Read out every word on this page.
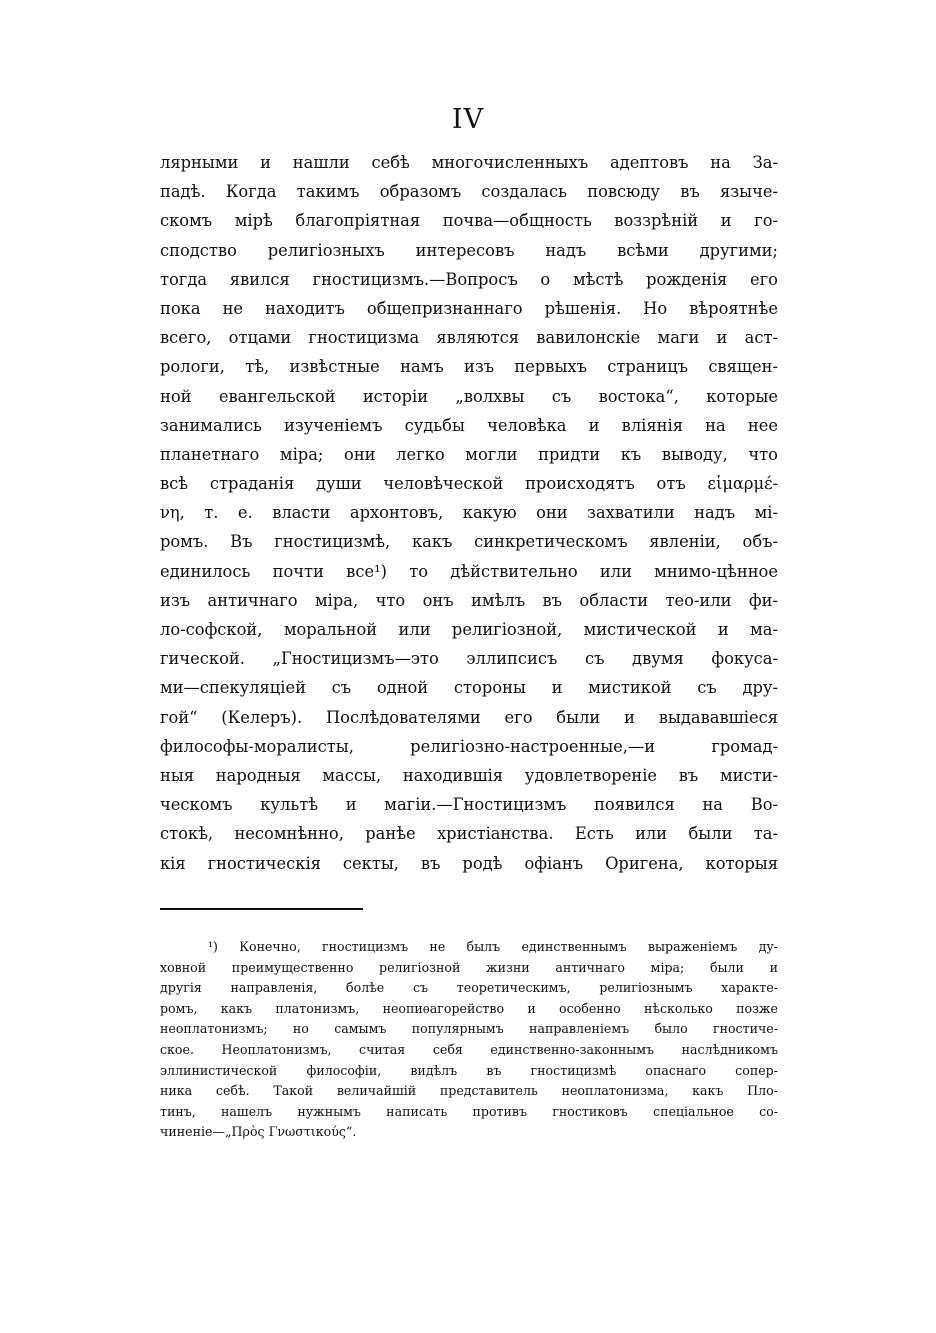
IV
лярными и нашли себѣ многочисленныхъ адептовъ на За-
падѣ. Когда такимъ образомъ создалась повсюду въ языче-
скомъ мірѣ благопріятная почва—общность воззрѣній и го-
сподство религіозныхъ интересовъ надъ всѣми другими;
тогда явился гностицизмъ.—Вопросъ о мѣстѣ рожденія его
пока не находитъ общепризнаннаго рѣшенія. Но вѣроятнѣе
всего, отцами гностицизма являются вавилонскіе маги и аст-
рологи, тѣ, извѣстные намъ изъ первыхъ страницъ священ-
ной евангельской исторіи „волхвы съ востока“, которые
занимались изученіемъ судьбы человѣка и вліянія на нее
планетнаго міра; они легко могли придти къ выводу, что
всѣ страданія души человѣческой происходятъ отъ εἱμαρμέ-
νη, т. е. власти архонтовъ, какую они захватили надъ мі-
ромъ. Въ гностицизмѣ, какъ синкретическомъ явленіи, объ-
единилось почти все¹) то дѣйствительно или мнимо-цѣнное
изъ античнаго міра, что онъ имѣлъ въ области тео-или фи-
ло-софской, моральной или религіозной, мистической и ма-
гической. „Гностицизмъ—это эллипсисъ съ двумя фокуса-
ми—спекуляціей съ одной стороны и мистикой съ дру-
гой“ (Келеръ). Послѣдователями его были и выдававшіеся
философы-моралисты, религіозно-настроенные,—и громад-
ныя народныя массы, находившія удовлетвореніе въ мисти-
ческомъ культѣ и магіи.—Гностицизмъ появился на Во-
стокѣ, несомнѣнно, ранѣе христіанства. Есть или были та-
кія гностическія секты, въ родѣ офіанъ Оригена, которыя
¹) Конечно, гностицизмъ не былъ единственнымъ выраженіемъ ду-
ховной преимущественно религіозной жизни античнаго міра; были и
другія направленія, болѣе съ теоретическимъ, религіознымъ характе-
ромъ, какъ платонизмъ, неопиѳагорейство и особенно нѣсколько позже
неоплатонизмъ; но самымъ популярнымъ направленіемъ было гностиче-
ское. Неоплатонизмъ, считая себя единственно-законнымъ наслѣдникомъ
эллинистической философіи, видѣлъ въ гностицизмѣ опаснаго сопер-
ника себѣ. Такой величайшій представитель неоплатонизма, какъ Пло-
тинъ, нашелъ нужнымъ написать противъ гностиковъ спеціальное со-
чиненіе—„Πρὸς Γνωστικούς“.
